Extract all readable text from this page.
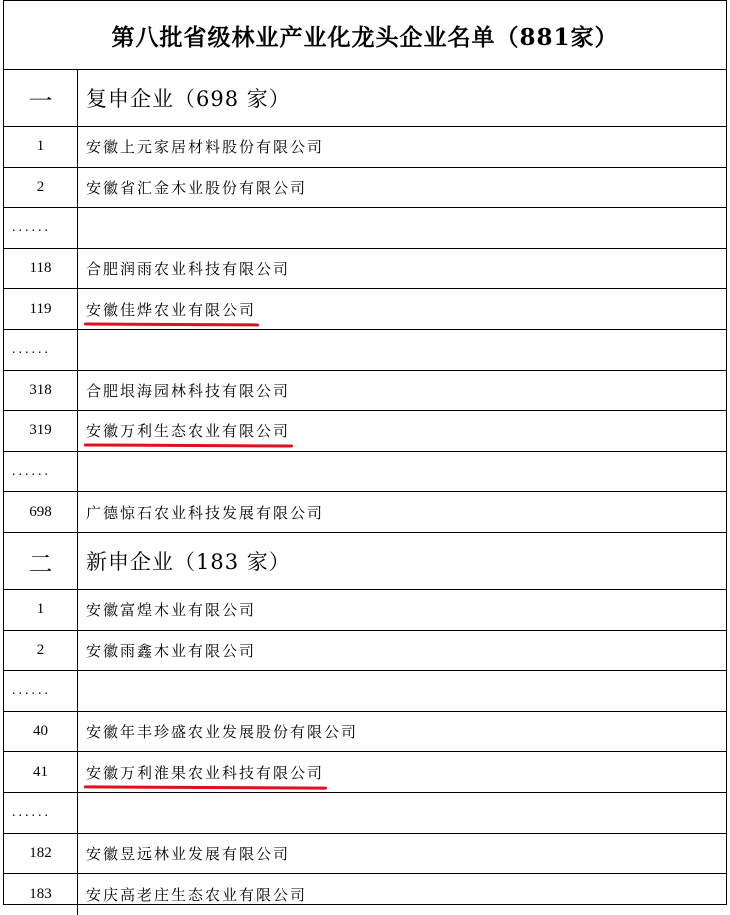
第八批省级林业产业化龙头企业名单（881家）
一	复申企业（698 家）
1	安徽上元家居材料股份有限公司
2	安徽省汇金木业股份有限公司
......
118	合肥润雨农业科技有限公司
119	安徽佳烨农业有限公司
......
318	合肥垠海园林科技有限公司
319	安徽万利生态农业有限公司
......
698	广德惊石农业科技发展有限公司
二	新申企业（183 家）
1	安徽富煌木业有限公司
2	安徽雨鑫木业有限公司
......
40	安徽年丰珍盛农业发展股份有限公司
41	安徽万利淮果农业科技有限公司
......
182	安徽昱远林业发展有限公司
183	安庆高老庄生态农业有限公司
